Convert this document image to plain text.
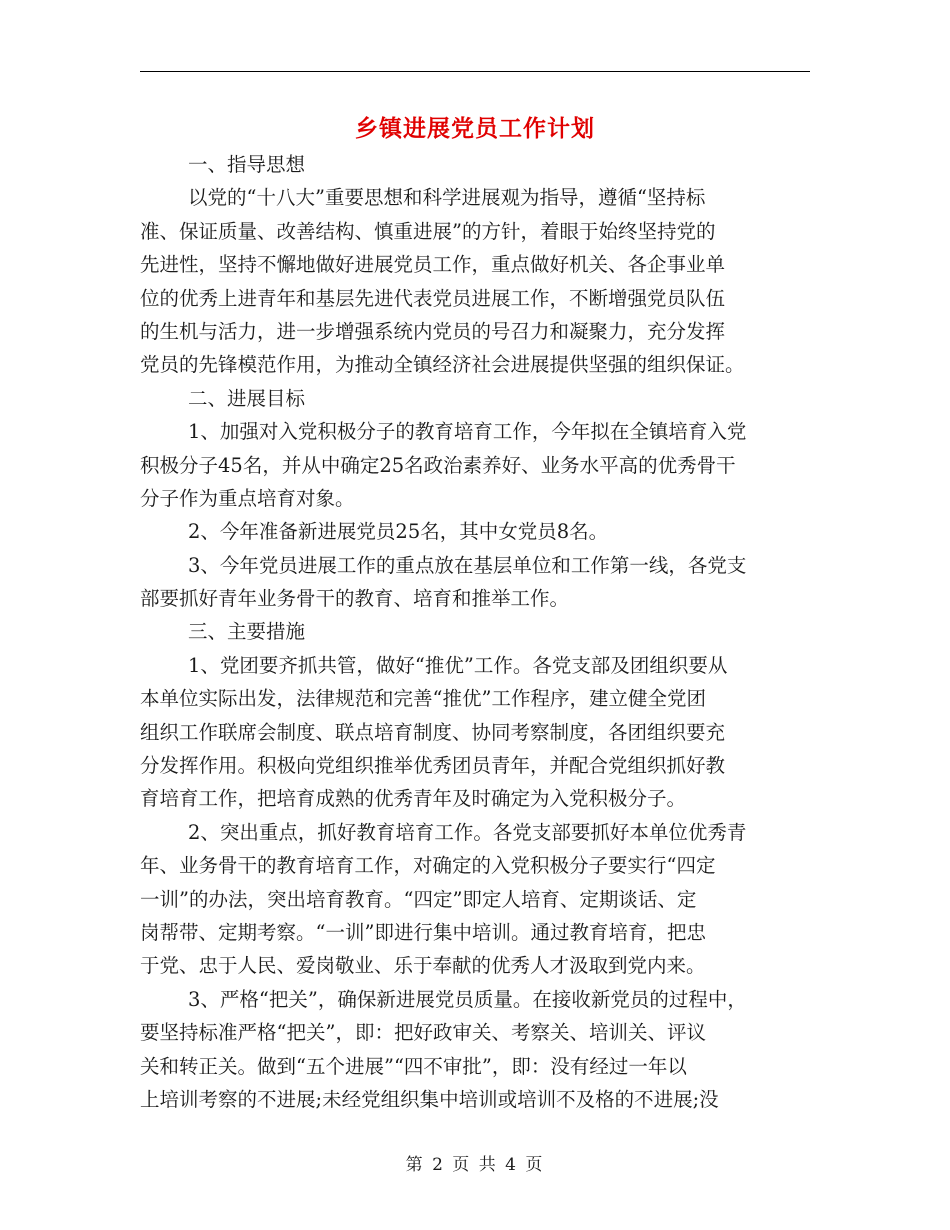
乡镇进展党员工作计划
一、指导思想
以党的“十八大”重要思想和科学进展观为指导，遵循“坚持标
准、保证质量、改善结构、慎重进展”的方针，着眼于始终坚持党的
先进性，坚持不懈地做好进展党员工作，重点做好机关、各企事业单
位的优秀上进青年和基层先进代表党员进展工作，不断增强党员队伍
的生机与活力，进一步增强系统内党员的号召力和凝聚力，充分发挥
党员的先锋模范作用，为推动全镇经济社会进展提供坚强的组织保证。
二、进展目标
1、加强对入党积极分子的教育培育工作，今年拟在全镇培育入党
积极分子45名，并从中确定25名政治素养好、业务水平高的优秀骨干
分子作为重点培育对象。
2、今年准备新进展党员25名，其中女党员8名。
3、今年党员进展工作的重点放在基层单位和工作第一线，各党支
部要抓好青年业务骨干的教育、培育和推举工作。
三、主要措施
1、党团要齐抓共管，做好“推优”工作。各党支部及团组织要从
本单位实际出发，法律规范和完善“推优”工作程序，建立健全党团
组织工作联席会制度、联点培育制度、协同考察制度，各团组织要充
分发挥作用。积极向党组织推举优秀团员青年，并配合党组织抓好教
育培育工作，把培育成熟的优秀青年及时确定为入党积极分子。
2、突出重点，抓好教育培育工作。各党支部要抓好本单位优秀青
年、业务骨干的教育培育工作，对确定的入党积极分子要实行“四定
一训”的办法，突出培育教育。“四定”即定人培育、定期谈话、定
岗帮带、定期考察。“一训”即进行集中培训。通过教育培育，把忠
于党、忠于人民、爱岗敬业、乐于奉献的优秀人才汲取到党内来。
3、严格“把关”，确保新进展党员质量。在接收新党员的过程中，
要坚持标准严格“把关”，即：把好政审关、考察关、培训关、评议
关和转正关。做到“五个进展”“四不审批”，即：没有经过一年以
上培训考察的不进展;未经党组织集中培训或培训不及格的不进展;没
第 2 页 共 4 页
